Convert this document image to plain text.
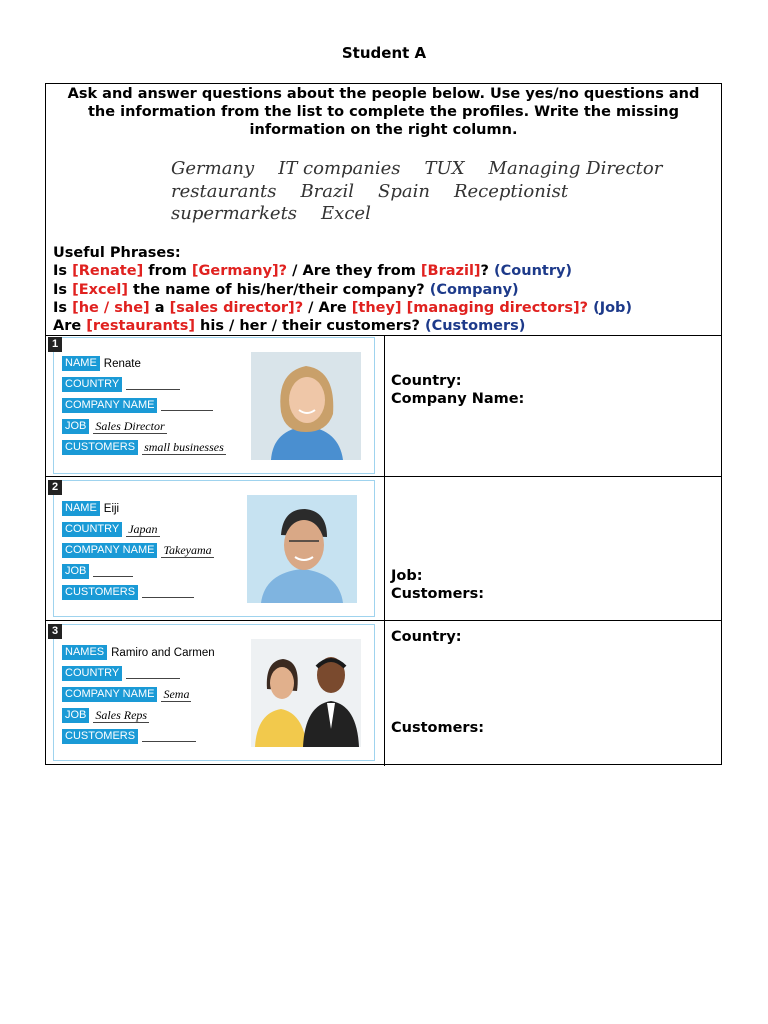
Student A
Ask and answer questions about the people below. Use yes/no questions and the information from the list to complete the profiles. Write the missing information on the right column.
Germany IT companies TUX Managing Director
restaurants Brazil Spain Receptionist
supermarkets Excel
Useful Phrases:
Is [Renate] from [Germany]? / Are they from [Brazil]? (Country)
Is [Excel] the name of his/her/their company? (Company)
Is [he / she] a [sales director]? / Are [they] [managing directors]? (Job)
Are [restaurants] his / her / their customers? (Customers)
1
NAME Renate
COUNTRY
COMPANY NAME
JOB Sales Director
CUSTOMERS small businesses
Country:
Company Name:
2
NAME Eiji
COUNTRY Japan
COMPANY NAME Takeyama
JOB
CUSTOMERS
Job:
Customers:
3
NAMES Ramiro and Carmen
COUNTRY
COMPANY NAME Sema
JOB Sales Reps
CUSTOMERS
Country:
Customers:
